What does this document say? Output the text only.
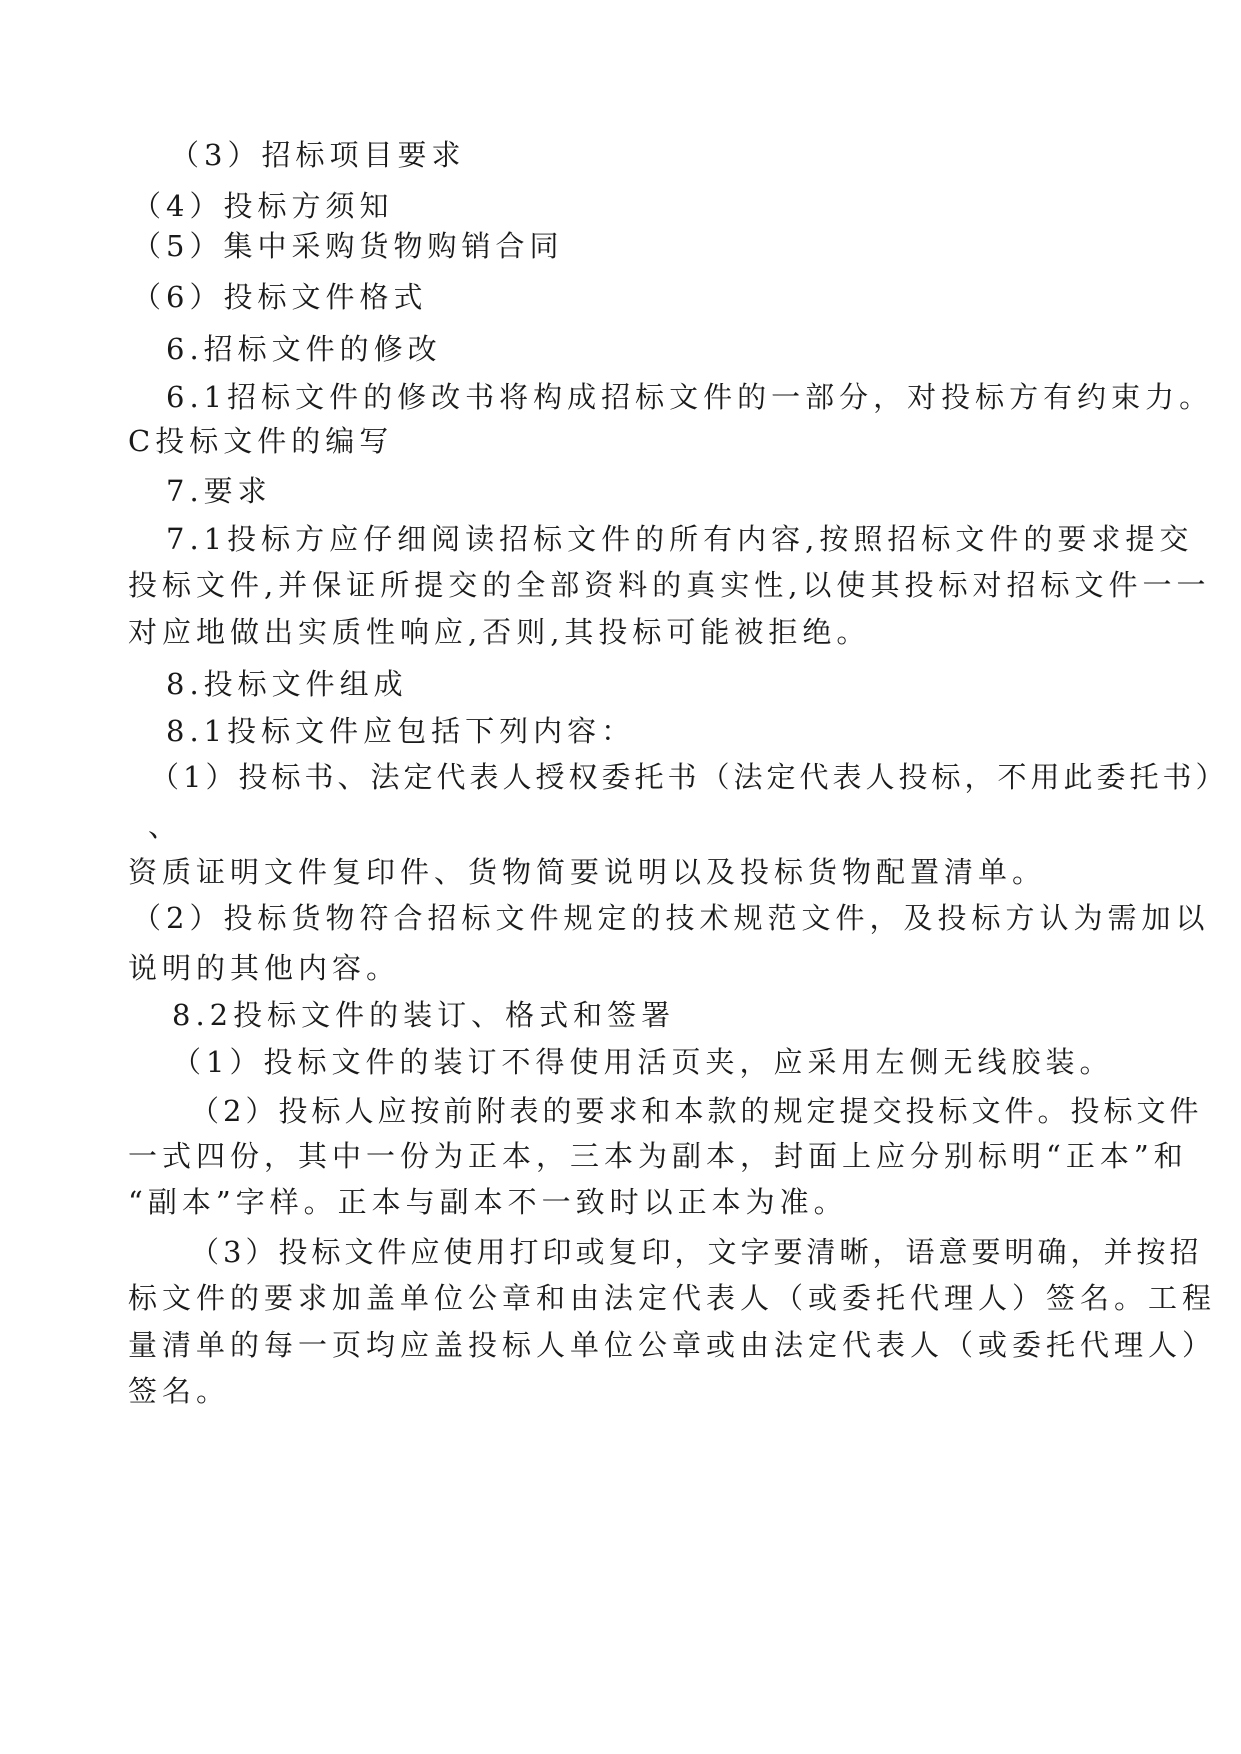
（3）招标项目要求

（4）投标方须知

（5）集中采购货物购销合同

（6）投标文件格式

6.招标文件的修改

6.1招标文件的修改书将构成招标文件的一部分，对投标方有约束力。

C投标文件的编写

7.要求

7.1投标方应仔细阅读招标文件的所有内容,按照招标文件的要求提交

投标文件,并保证所提交的全部资料的真实性,以使其投标对招标文件一一

对应地做出实质性响应,否则,其投标可能被拒绝。

8.投标文件组成

8.1投标文件应包括下列内容：

（1）投标书、法定代表人授权委托书（法定代表人投标，不用此委托书）

、

资质证明文件复印件、货物简要说明以及投标货物配置清单。

（2）投标货物符合招标文件规定的技术规范文件，及投标方认为需加以

说明的其他内容。

8.2投标文件的装订、格式和签署

（1）投标文件的装订不得使用活页夹，应采用左侧无线胶装。

（2）投标人应按前附表的要求和本款的规定提交投标文件。投标文件

一式四份，其中一份为正本，三本为副本，封面上应分别标明“正本”和

“副本”字样。正本与副本不一致时以正本为准。

（3）投标文件应使用打印或复印，文字要清晰，语意要明确，并按招

标文件的要求加盖单位公章和由法定代表人（或委托代理人）签名。工程

量清单的每一页均应盖投标人单位公章或由法定代表人（或委托代理人）

签名。
